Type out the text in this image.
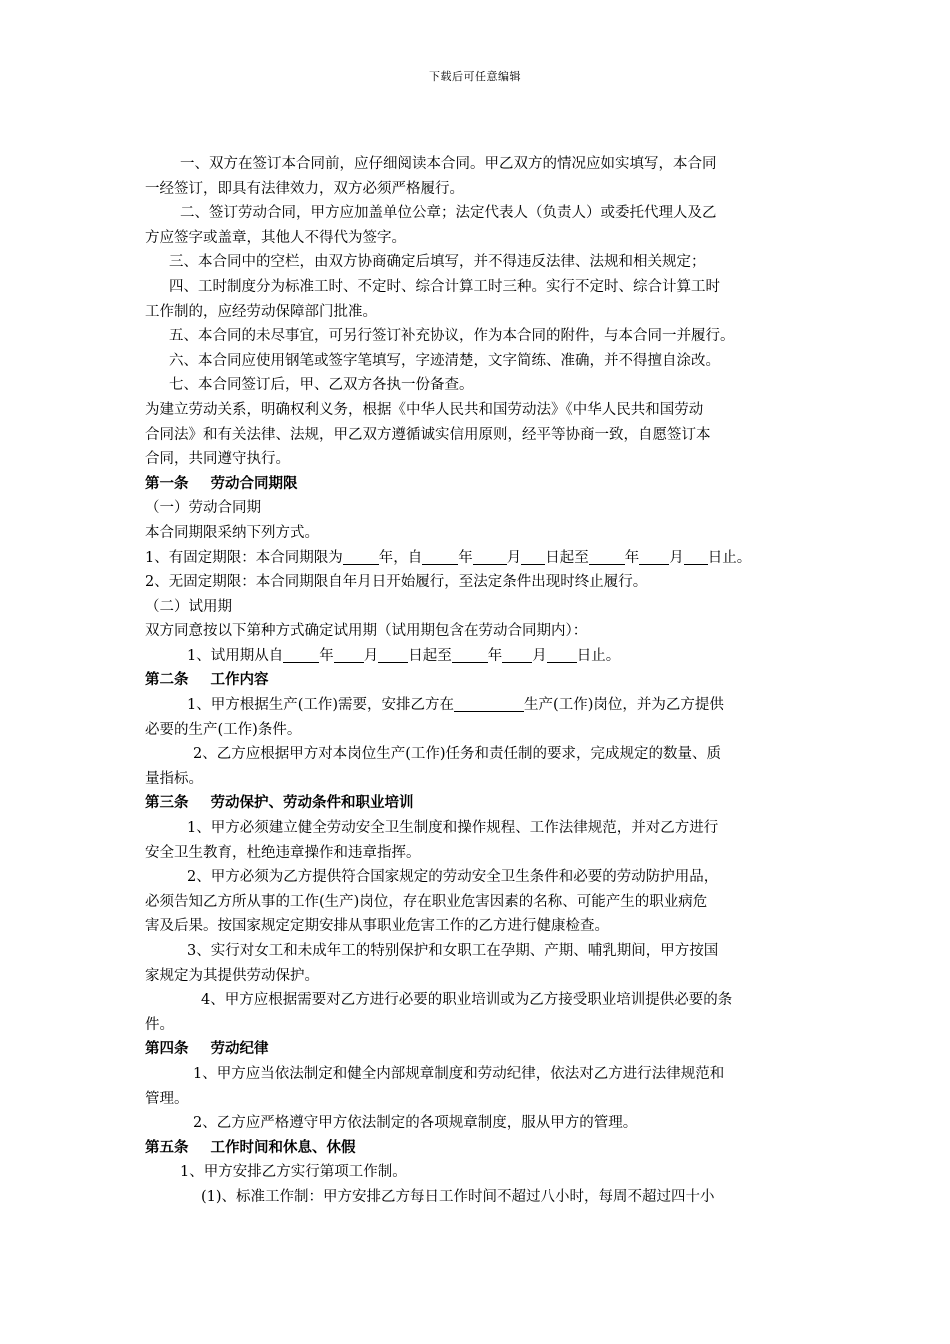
下载后可任意编辑
一、双方在签订本合同前，应仔细阅读本合同。甲乙双方的情况应如实填写，本合同
一经签订，即具有法律效力，双方必须严格履行。
二、签订劳动合同，甲方应加盖单位公章；法定代表人（负责人）或委托代理人及乙
方应签字或盖章，其他人不得代为签字。
三、本合同中的空栏，由双方协商确定后填写，并不得违反法律、法规和相关规定；
四、工时制度分为标准工时、不定时、综合计算工时三种。实行不定时、综合计算工时
工作制的，应经劳动保障部门批准。
五、本合同的未尽事宜，可另行签订补充协议，作为本合同的附件，与本合同一并履行。
六、本合同应使用钢笔或签字笔填写，字迹清楚，文字简练、准确，并不得擅自涂改。
七、本合同签订后，甲、乙双方各执一份备查。
为建立劳动关系，明确权利义务，根据《中华人民共和国劳动法》《中华人民共和国劳动
合同法》和有关法律、法规，甲乙双方遵循诚实信用原则，经平等协商一致，自愿签订本
合同，共同遵守执行。
第一条 劳动合同期限
（一）劳动合同期
本合同期限采纳下列方式。
1、有固定期限：本合同期限为 年，自 年 月 日起至 年 月 日止。
2、无固定期限：本合同期限自年月日开始履行，至法定条件出现时终止履行。
（二）试用期
双方同意按以下第种方式确定试用期（试用期包含在劳动合同期内）：
1、试用期从自 年 月 日起至 年 月 日止。
第二条 工作内容
1、甲方根据生产(工作)需要，安排乙方在	生产(工作)岗位，并为乙方提供
必要的生产(工作)条件。
2、乙方应根据甲方对本岗位生产(工作)任务和责任制的要求，完成规定的数量、质
量指标。
第三条 劳动保护、劳动条件和职业培训
1、甲方必须建立健全劳动安全卫生制度和操作规程、工作法律规范，并对乙方进行
安全卫生教育，杜绝违章操作和违章指挥。
2、甲方必须为乙方提供符合国家规定的劳动安全卫生条件和必要的劳动防护用品，
必须告知乙方所从事的工作(生产)岗位，存在职业危害因素的名称、可能产生的职业病危
害及后果。按国家规定定期安排从事职业危害工作的乙方进行健康检查。
3、实行对女工和未成年工的特别保护和女职工在孕期、产期、哺乳期间，甲方按国
家规定为其提供劳动保护。
4、甲方应根据需要对乙方进行必要的职业培训或为乙方接受职业培训提供必要的条
件。
第四条 劳动纪律
1、甲方应当依法制定和健全内部规章制度和劳动纪律，依法对乙方进行法律规范和
管理。
2、乙方应严格遵守甲方依法制定的各项规章制度，服从甲方的管理。
第五条 工作时间和休息、休假
1、甲方安排乙方实行第项工作制。
(1)、标准工作制：甲方安排乙方每日工作时间不超过八小时，每周不超过四十小
